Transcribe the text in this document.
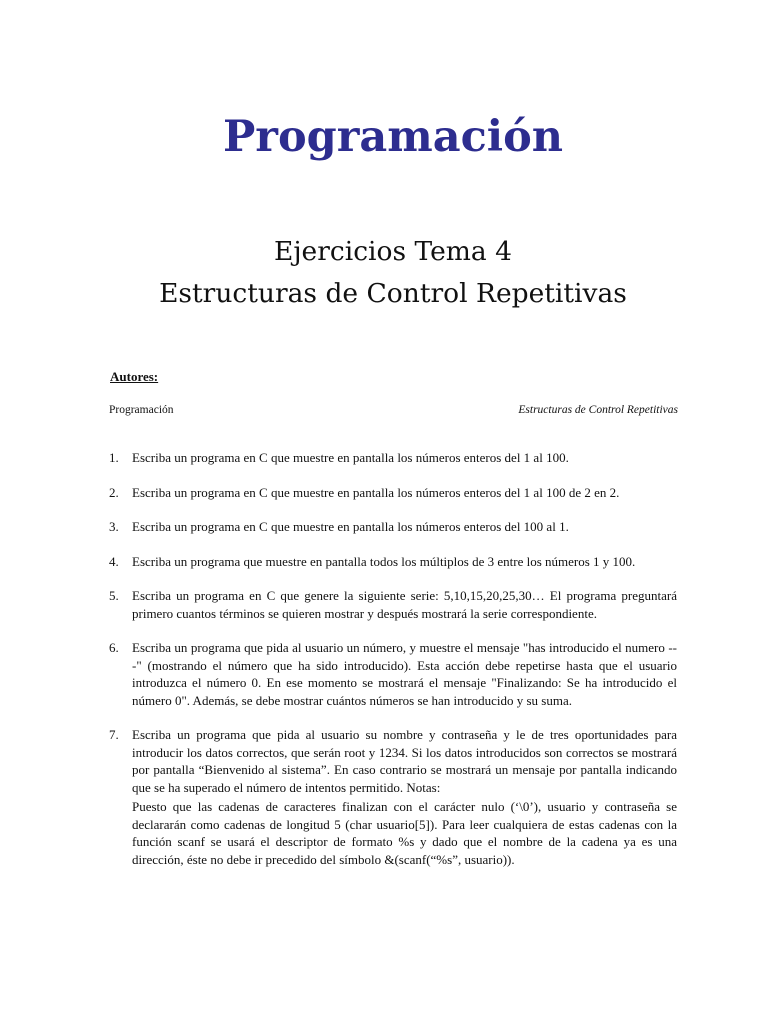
Programación
Ejercicios Tema 4
Estructuras de Control Repetitivas
Autores:
Programación	Estructuras de Control Repetitivas
1. Escriba un programa en C que muestre en pantalla los números enteros del 1 al 100.
2. Escriba un programa en C que muestre en pantalla los números enteros del 1 al 100 de 2 en 2.
3. Escriba un programa en C que muestre en pantalla los números enteros del 100 al 1.
4. Escriba un programa que muestre en pantalla todos los múltiplos de 3 entre los números 1 y 100.
5. Escriba un programa en C que genere la siguiente serie: 5,10,15,20,25,30… El programa preguntará primero cuantos términos se quieren mostrar y después mostrará la serie correspondiente.
6. Escriba un programa que pida al usuario un número, y muestre el mensaje "has introducido el numero ---" (mostrando el número que ha sido introducido). Esta acción debe repetirse hasta que el usuario introduzca el número 0. En ese momento se mostrará el mensaje "Finalizando: Se ha introducido el número 0". Además, se debe mostrar cuántos números se han introducido y su suma.
7. Escriba un programa que pida al usuario su nombre y contraseña y le de tres oportunidades para introducir los datos correctos, que serán root y 1234. Si los datos introducidos son correctos se mostrará por pantalla “Bienvenido al sistema”. En caso contrario se mostrará un mensaje por pantalla indicando que se ha superado el número de intentos permitido. Notas:
Puesto que las cadenas de caracteres finalizan con el carácter nulo (‘\0’), usuario y contraseña se declararán como cadenas de longitud 5 (char usuario[5]). Para leer cualquiera de estas cadenas con la función scanf se usará el descriptor de formato %s y dado que el nombre de la cadena ya es una dirección, éste no debe ir precedido del símbolo &(scanf(“%s”, usuario)).
